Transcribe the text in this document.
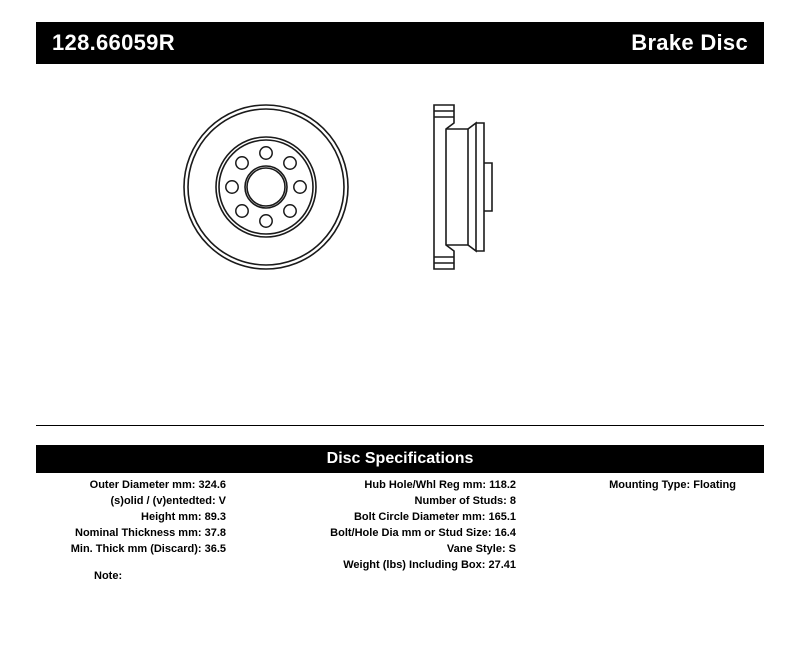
128.66059R	Brake Disc
Disc Specifications
Outer Diameter mm: 324.6
(s)olid / (v)entedted: V
Height mm: 89.3
Nominal Thickness mm: 37.8
Min. Thick mm (Discard): 36.5
Hub Hole/Whl Reg mm: 118.2
Number of Studs: 8
Bolt Circle Diameter mm: 165.1
Bolt/Hole Dia mm or Stud Size: 16.4
Vane Style: S
Weight (lbs) Including Box: 27.41
Mounting Type: Floating
Note:
